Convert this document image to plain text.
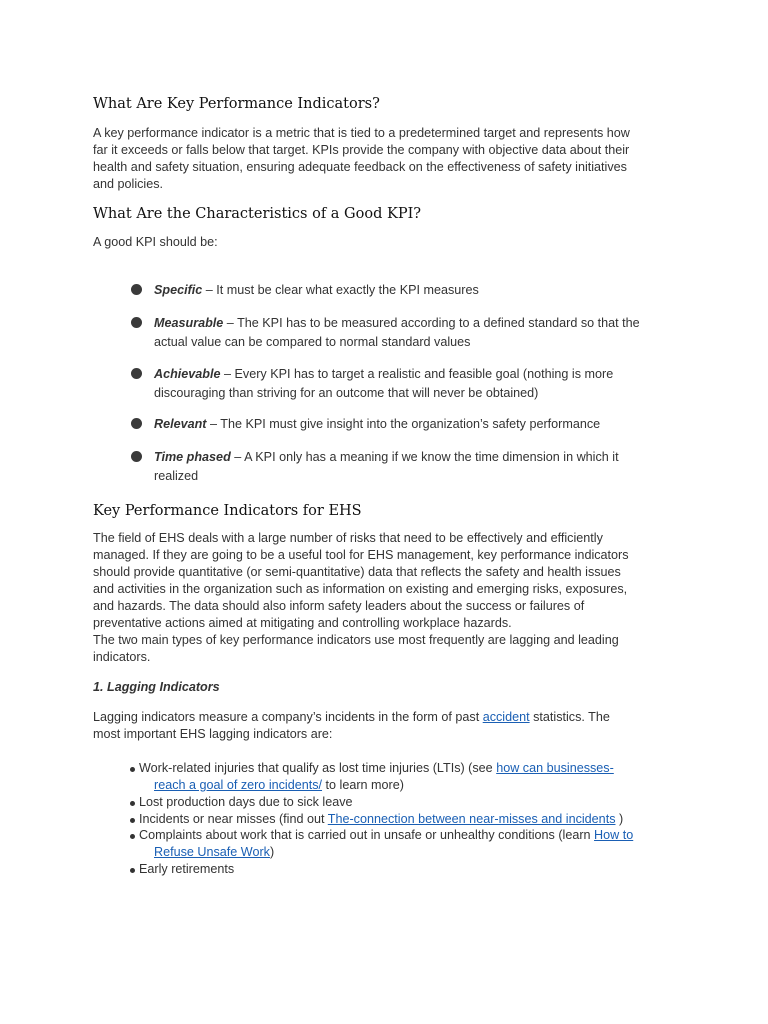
What Are Key Performance Indicators?

A key performance indicator is a metric that is tied to a predetermined target and represents how
far it exceeds or falls below that target. KPIs provide the company with objective data about their
health and safety situation, ensuring adequate feedback on the effectiveness of safety initiatives
and policies.

What Are the Characteristics of a Good KPI?

A good KPI should be:

Specific – It must be clear what exactly the KPI measures
Measurable – The KPI has to be measured according to a defined standard so that the
actual value can be compared to normal standard values
Achievable – Every KPI has to target a realistic and feasible goal (nothing is more
discouraging than striving for an outcome that will never be obtained)
Relevant – The KPI must give insight into the organization’s safety performance
Time phased – A KPI only has a meaning if we know the time dimension in which it
realized
Key Performance Indicators for EHS

The field of EHS deals with a large number of risks that need to be effectively and efficiently
managed. If they are going to be a useful tool for EHS management, key performance indicators
should provide quantitative (or semi-quantitative) data that reflects the safety and health issues
and activities in the organization such as information on existing and emerging risks, exposures,
and hazards. The data should also inform safety leaders about the success or failures of
preventative actions aimed at mitigating and controlling workplace hazards.
The two main types of key performance indicators use most frequently are lagging and leading
indicators.

1. Lagging Indicators

Lagging indicators measure a company’s incidents in the form of past accident statistics. The
most important EHS lagging indicators are:

Work-related injuries that qualify as lost time injuries (LTIs) (see how can businesses-
reach a goal of zero incidents/ to learn more)
Lost production days due to sick leave
Incidents or near misses (find out The-connection between near-misses and incidents )
Complaints about work that is carried out in unsafe or unhealthy conditions (learn How to
Refuse Unsafe Work)
Early retirements
